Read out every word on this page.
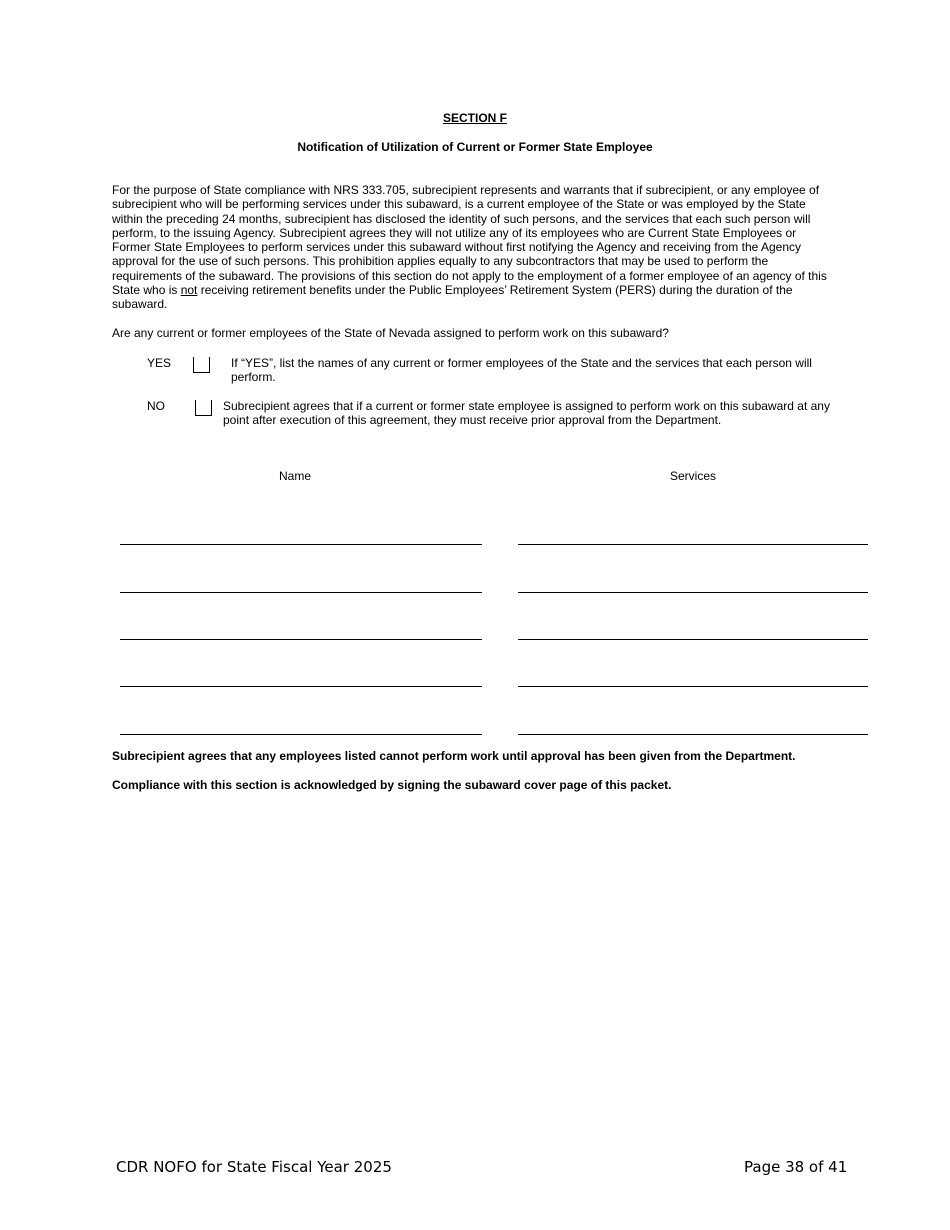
SECTION F
Notification of Utilization of Current or Former State Employee

For the purpose of State compliance with NRS 333.705, subrecipient represents and warrants that if subrecipient, or any employee of subrecipient who will be performing services under this subaward, is a current employee of the State or was employed by the State within the preceding 24 months, subrecipient has disclosed the identity of such persons, and the services that each such person will perform, to the issuing Agency. Subrecipient agrees they will not utilize any of its employees who are Current State Employees or Former State Employees to perform services under this subaward without first notifying the Agency and receiving from the Agency approval for the use of such persons. This prohibition applies equally to any subcontractors that may be used to perform the requirements of the subaward. The provisions of this section do not apply to the employment of a former employee of an agency of this State who is not receiving retirement benefits under the Public Employees’ Retirement System (PERS) during the duration of the subaward.

Are any current or former employees of the State of Nevada assigned to perform work on this subaward?
YES	If “YES”, list the names of any current or former employees of the State and the services that each person will perform.
NO	Subrecipient agrees that if a current or former state employee is assigned to perform work on this subaward at any point after execution of this agreement, they must receive prior approval from the Department.
Name	Services
Subrecipient agrees that any employees listed cannot perform work until approval has been given from the Department.
Compliance with this section is acknowledged by signing the subaward cover page of this packet.
CDR NOFO for State Fiscal Year 2025	Page 38 of 41
